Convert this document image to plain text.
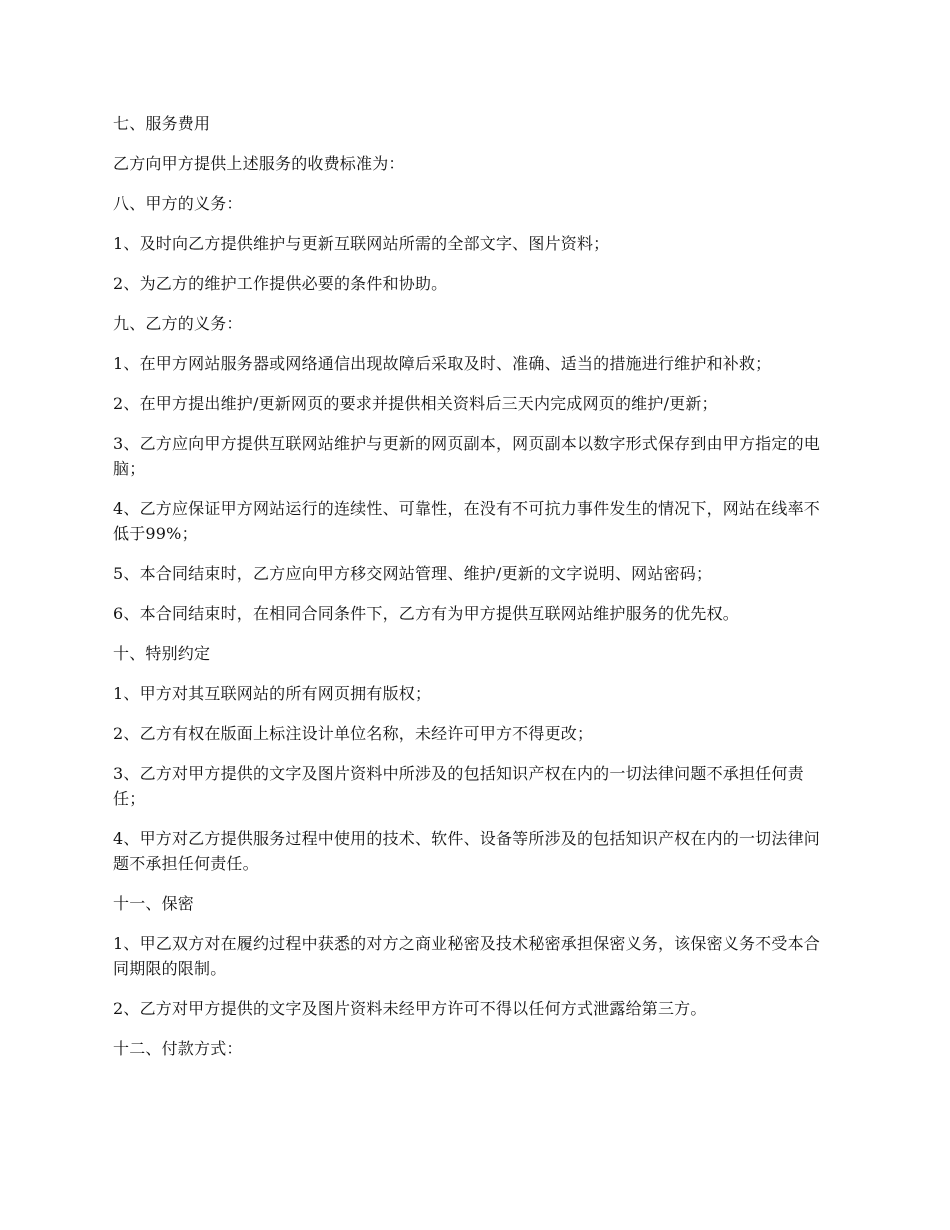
七、服务费用

乙方向甲方提供上述服务的收费标准为：

八、甲方的义务：

1、及时向乙方提供维护与更新互联网站所需的全部文字、图片资料；

2、为乙方的维护工作提供必要的条件和协助。

九、乙方的义务：

1、在甲方网站服务器或网络通信出现故障后采取及时、准确、适当的措施进行维护和补救；

2、在甲方提出维护/更新网页的要求并提供相关资料后三天内完成网页的维护/更新；

3、乙方应向甲方提供互联网站维护与更新的网页副本，网页副本以数字形式保存到由甲方指定的电脑；

4、乙方应保证甲方网站运行的连续性、可靠性，在没有不可抗力事件发生的情况下，网站在线率不低于99%；

5、本合同结束时，乙方应向甲方移交网站管理、维护/更新的文字说明、网站密码；

6、本合同结束时，在相同合同条件下，乙方有为甲方提供互联网站维护服务的优先权。

十、特别约定

1、甲方对其互联网站的所有网页拥有版权；

2、乙方有权在版面上标注设计单位名称，未经许可甲方不得更改；

3、乙方对甲方提供的文字及图片资料中所涉及的包括知识产权在内的一切法律问题不承担任何责任；

4、甲方对乙方提供服务过程中使用的技术、软件、设备等所涉及的包括知识产权在内的一切法律问题不承担任何责任。

十一、保密

1、甲乙双方对在履约过程中获悉的对方之商业秘密及技术秘密承担保密义务，该保密义务不受本合同期限的限制。

2、乙方对甲方提供的文字及图片资料未经甲方许可不得以任何方式泄露给第三方。

十二、付款方式：
